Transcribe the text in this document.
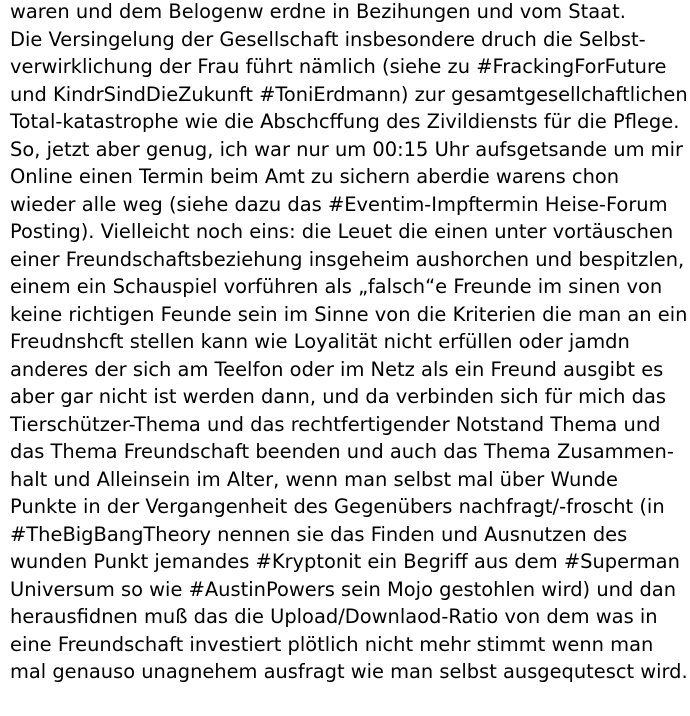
waren und dem Belogenw erdne in Bezihungen und vom Staat.
Die Versingelung der Gesellschaft insbesondere druch die Selbst-
verwirklichung der Frau führt nämlich (siehe zu #FrackingForFuture
und KindrSindDieZukunft #ToniErdmann) zur gesamtgesellchaftlichen
Total-katastrophe wie die Abschcffung des Zivildiensts für die Pflege.
So, jetzt aber genug, ich war nur um 00:15 Uhr aufsgetsande um mir
Online einen Termin beim Amt zu sichern aberdie warens chon
wieder alle weg (siehe dazu das #Eventim-Impftermin Heise-Forum
Posting). Vielleicht noch eins: die Leuet die einen unter vortäuschen
einer Freundschaftsbeziehung insgeheim aushorchen und bespitzlen,
einem ein Schauspiel vorführen als „falsch“e Freunde im sinen von
keine richtigen Feunde sein im Sinne von die Kriterien die man an ein
Freudnshcft stellen kann wie Loyalität nicht erfüllen oder jamdn
anderes der sich am Teelfon oder im Netz als ein Freund ausgibt es
aber gar nicht ist werden dann, und da verbinden sich für mich das
Tierschützer-Thema und das rechtfertigender Notstand Thema und
das Thema Freundschaft beenden und auch das Thema Zusammen-
halt und Alleinsein im Alter, wenn man selbst mal über Wunde
Punkte in der Vergangenheit des Gegenübers nachfragt/-froscht (in
#TheBigBangTheory nennen sie das Finden und Ausnutzen des
wunden Punkt jemandes #Kryptonit ein Begriff aus dem #Superman
Universum so wie #AustinPowers sein Mojo gestohlen wird) und dan
herausfidnen muß das die Upload/Downlaod-Ratio von dem was in
eine Freundschaft investiert plötlich nicht mehr stimmt wenn man
mal genauso unagnehem ausfragt wie man selbst ausgequtesct wird.
